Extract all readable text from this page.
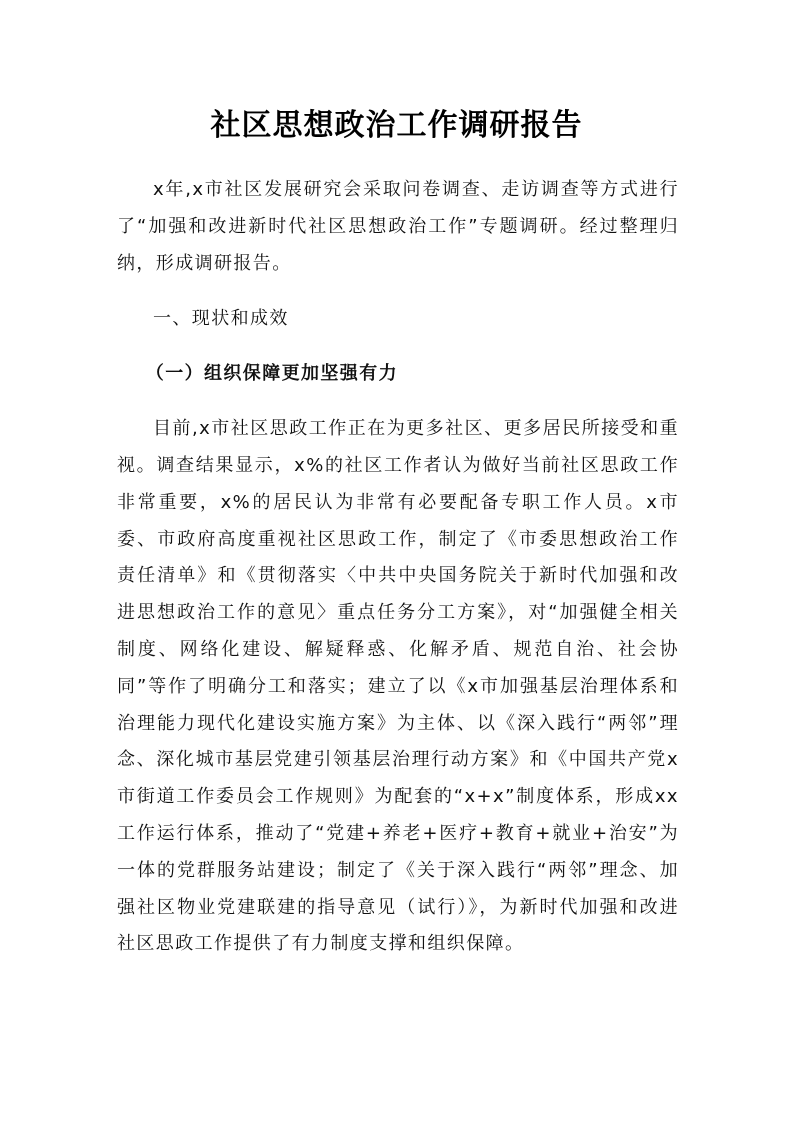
社区思想政治工作调研报告

x年,x市社区发展研究会采取问卷调查、走访调查等方式进行了“加强和改进新时代社区思想政治工作”专题调研。经过整理归纳，形成调研报告。

一、现状和成效

（一）组织保障更加坚强有力

目前,x市社区思政工作正在为更多社区、更多居民所接受和重视。调查结果显示，x%的社区工作者认为做好当前社区思政工作非常重要，x%的居民认为非常有必要配备专职工作人员。x市委、市政府高度重视社区思政工作，制定了《市委思想政治工作责任清单》和《贯彻落实〈中共中央国务院关于新时代加强和改进思想政治工作的意见〉重点任务分工方案》，对“加强健全相关制度、网络化建设、解疑释惑、化解矛盾、规范自治、社会协同”等作了明确分工和落实；建立了以《x市加强基层治理体系和治理能力现代化建设实施方案》为主体、以《深入践行“两邻”理念、深化城市基层党建引领基层治理行动方案》和《中国共产党x市街道工作委员会工作规则》为配套的“x+x”制度体系，形成xx工作运行体系，推动了“党建+养老+医疗+教育+就业+治安”为一体的党群服务站建设；制定了《关于深入践行“两邻”理念、加强社区物业党建联建的指导意见（试行）》，为新时代加强和改进社区思政工作提供了有力制度支撑和组织保障。
